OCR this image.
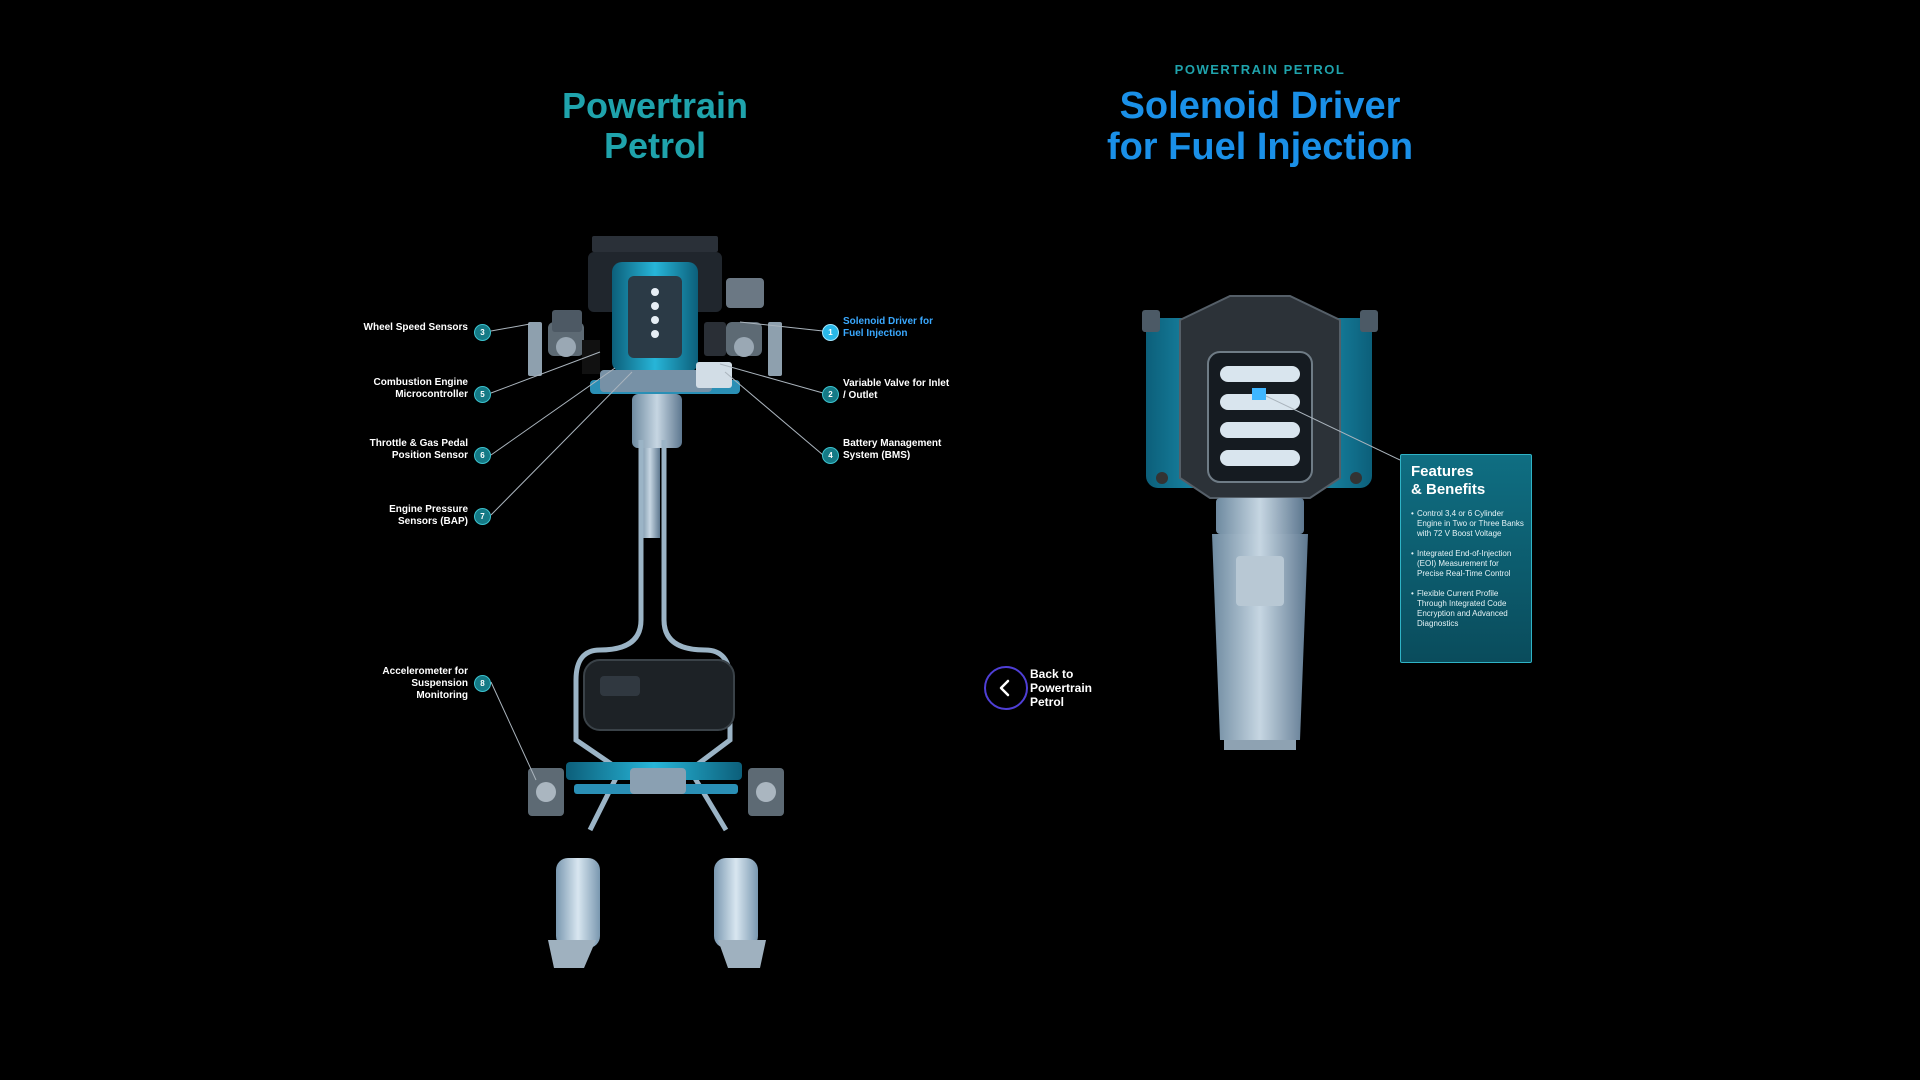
Powertrain
Petrol
POWERTRAIN PETROL
Solenoid Driver
for Fuel Injection
Solenoid Driver for Fuel Injection
1
Variable Valve for Inlet / Outlet
2
Wheel Speed Sensors	3
Battery Management System (BMS)
4
Combustion Engine Microcontroller	5
Throttle & Gas Pedal Position Sensor	6
Engine Pressure Sensors (BAP)	7
Accelerometer for Suspension Monitoring
8
Features
& Benefits
• Control 3,4 or 6 Cylinder Engine in Two or Three Banks with 72 V Boost Voltage
• Integrated End-of-Injection (EOI) Measurement for Precise Real-Time Control
• Flexible Current Profile Through Integrated Code Encryption and Advanced Diagnostics
Back to
Powertrain
Petrol
